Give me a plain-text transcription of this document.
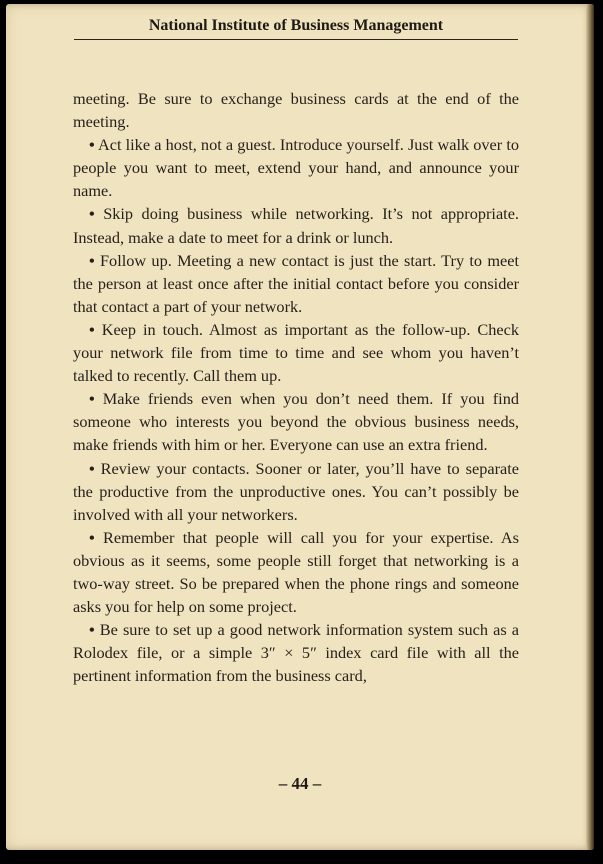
National Institute of Business Management

meeting. Be sure to exchange business cards at the end of the meeting.

• Act like a host, not a guest. Introduce yourself. Just walk over to people you want to meet, extend your hand, and announce your name.

• Skip doing business while networking. It’s not appropriate. Instead, make a date to meet for a drink or lunch.

• Follow up. Meeting a new contact is just the start. Try to meet the person at least once after the initial contact before you consider that contact a part of your network.

• Keep in touch. Almost as important as the follow-up. Check your network file from time to time and see whom you haven’t talked to recently. Call them up.

• Make friends even when you don’t need them. If you find someone who interests you beyond the obvious business needs, make friends with him or her. Everyone can use an extra friend.

• Review your contacts. Sooner or later, you’ll have to separate the productive from the unproductive ones. You can’t possibly be involved with all your networkers.

• Remember that people will call you for your expertise. As obvious as it seems, some people still forget that networking is a two-way street. So be prepared when the phone rings and someone asks you for help on some project.

• Be sure to set up a good network information system such as a Rolodex file, or a simple 3″ × 5″ index card file with all the pertinent information from the business card,

– 44 –
